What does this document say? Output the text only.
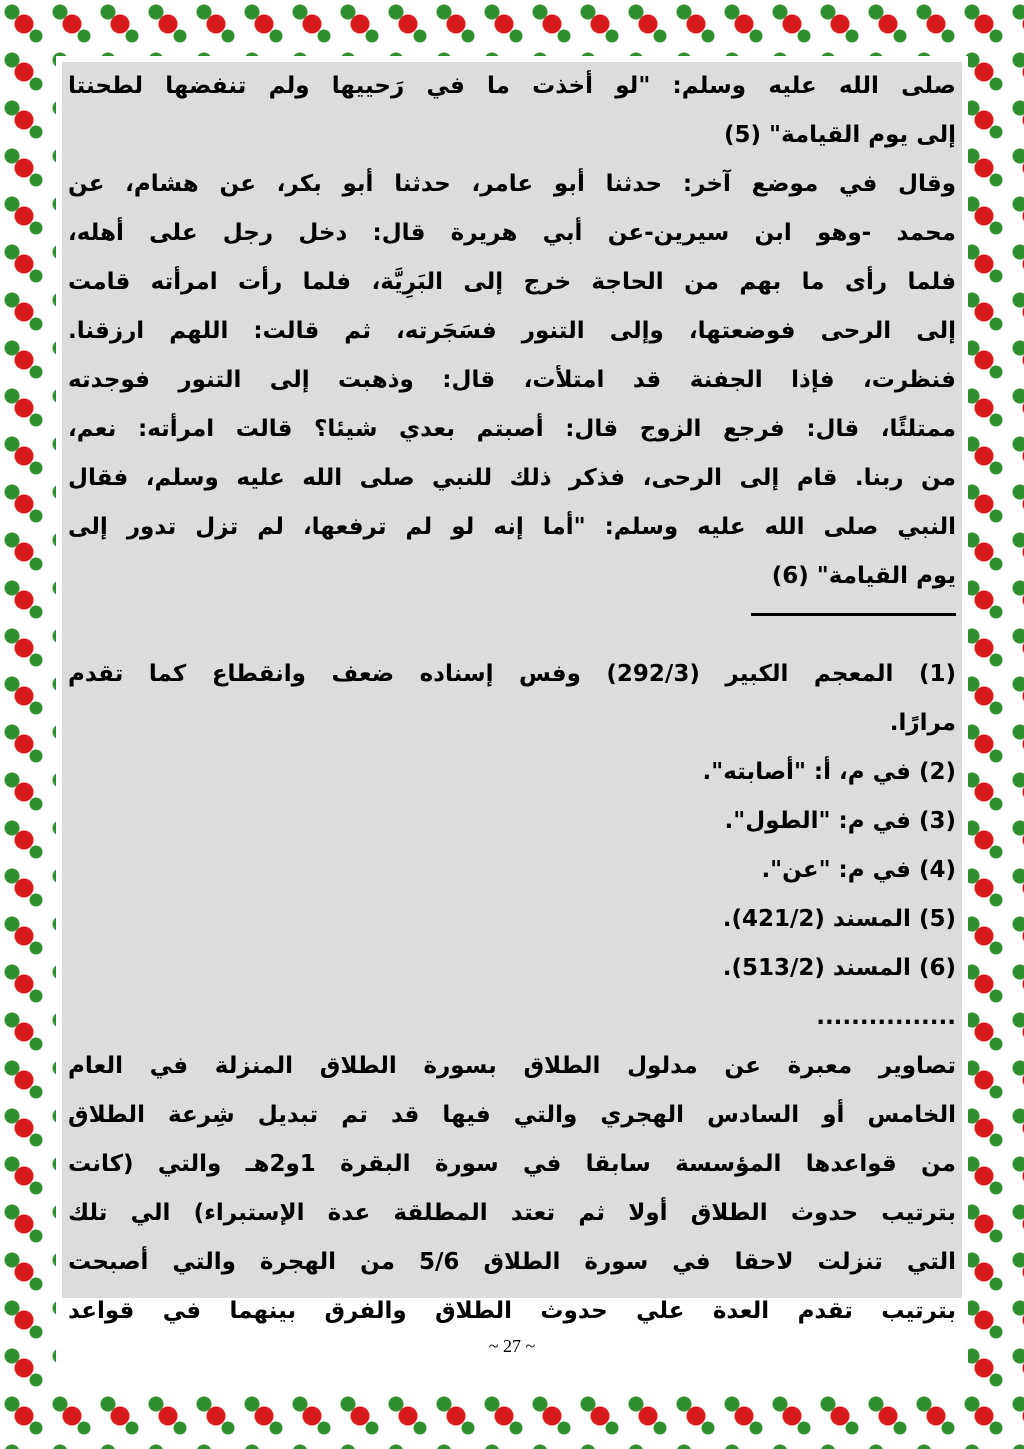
صلى الله عليه وسلم: "لو أخذت ما في رَحييها ولم تنفضها لطحنتا
إلى يوم القيامة" (5)
وقال في موضع آخر: حدثنا أبو عامر، حدثنا أبو بكر، عن هشام، عن
محمد -وهو ابن سيرين-عن أبي هريرة قال: دخل رجل على أهله،
فلما رأى ما بهم من الحاجة خرج إلى البَرِيَّة، فلما رأت امرأته قامت
إلى الرحى فوضعتها، وإلى التنور فسَجَرته، ثم قالت: اللهم ارزقنا.
فنظرت، فإذا الجفنة قد امتلأت، قال: وذهبت إلى التنور فوجدته
ممتلئًا، قال: فرجع الزوج قال: أصبتم بعدي شيئا؟ قالت امرأته: نعم،
من ربنا. قام إلى الرحى، فذكر ذلك للنبي صلى الله عليه وسلم، فقال
النبي صلى الله عليه وسلم: "أما إنه لو لم ترفعها، لم تزل تدور إلى
يوم القيامة" (6)
(1) المعجم الكبير (292/3) وفس إسناده ضعف وانقطاع كما تقدم
مرارًا.
(2) في م، أ: "أصابته".
(3) في م: "الطول".
(4) في م: "عن".
(5) المسند (421/2).
(6) المسند (513/2).
................
تصاوير معبرة عن مدلول الطلاق بسورة الطلاق المنزلة في العام
الخامس أو السادس الهجري والتي فيها قد تم تبديل شِرعة الطلاق
من قواعدها المؤسسة سابقا في سورة البقرة 1و2هـ والتي (كانت
بترتيب حدوث الطلاق أولا ثم تعتد المطلقة عدة الإستبراء) الي تلك
التي تنزلت لاحقا في سورة الطلاق 5/6 من الهجرة والتي أصبحت
بترتيب تقدم العدة علي حدوث الطلاق والفرق بينهما في قواعد
~ 27 ~
